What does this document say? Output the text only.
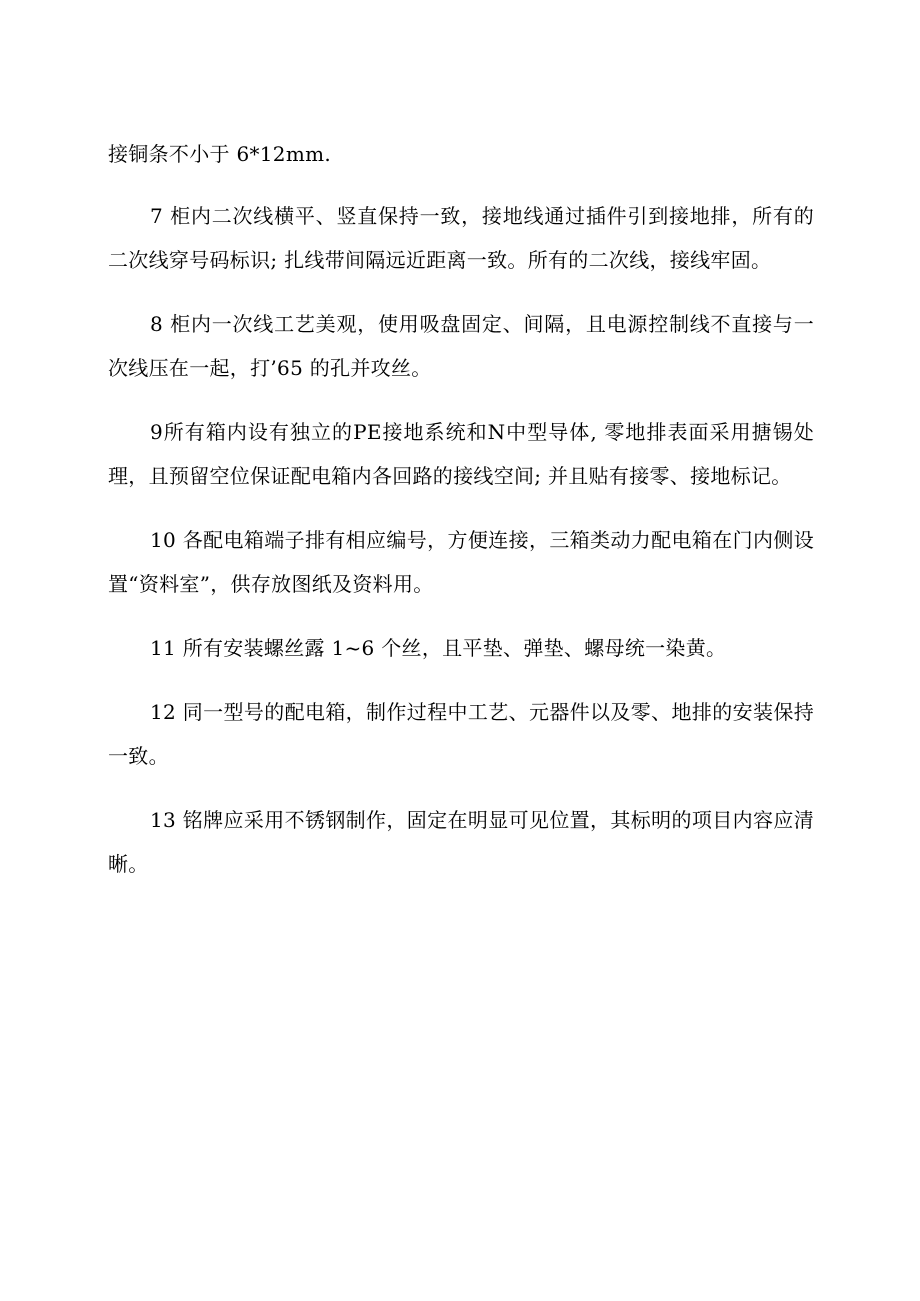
接铜条不小于 6*12mm.

7 柜内二次线横平、竖直保持一致，接地线通过插件引到接地排，所有的二次线穿号码标识; 扎线带间隔远近距离一致。所有的二次线，接线牢固。

8 柜内一次线工艺美观，使用吸盘固定、间隔，且电源控制线不直接与一次线压在一起，打’65 的孔并攻丝。

9所有箱内设有独立的PE接地系统和N中型导体, 零地排表面采用搪锡处理，且预留空位保证配电箱内各回路的接线空间; 并且贴有接零、接地标记。

10 各配电箱端子排有相应编号，方便连接，三箱类动力配电箱在门内侧设置“资料室”，供存放图纸及资料用。

11 所有安装螺丝露 1~6 个丝，且平垫、弹垫、螺母统一染黄。

12 同一型号的配电箱，制作过程中工艺、元器件以及零、地排的安装保持一致。

13 铭牌应采用不锈钢制作，固定在明显可见位置，其标明的项目内容应清晰。
